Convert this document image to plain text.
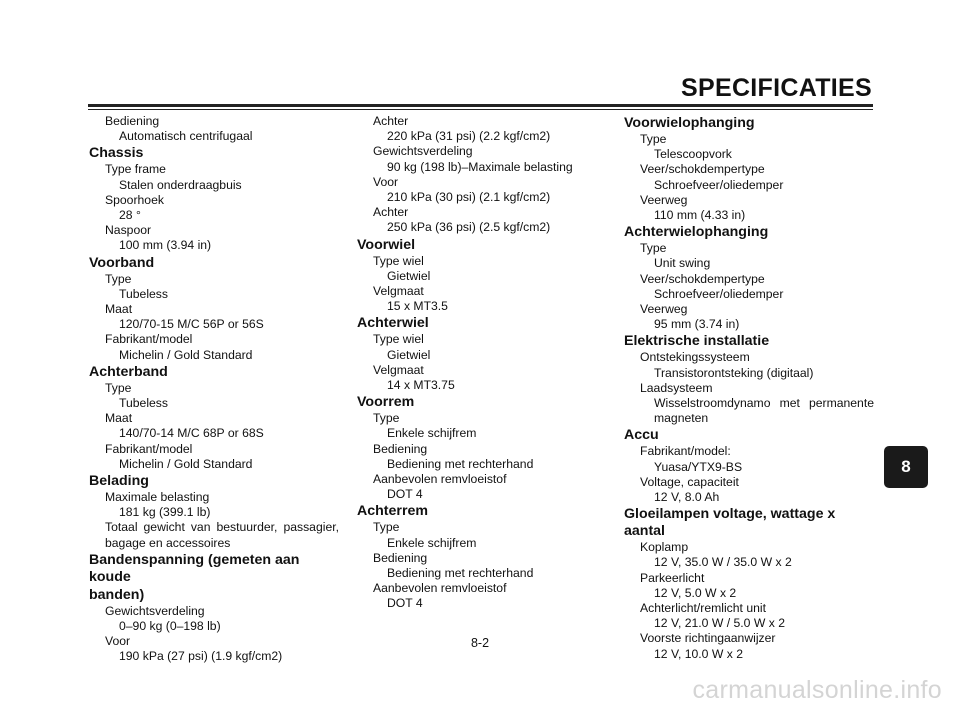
SPECIFICATIES
Bediening
Automatisch centrifugaal
Chassis
Type frame
Stalen onderdraagbuis
Spoorhoek
28 °
Naspoor
100 mm (3.94 in)
Voorband
Type
Tubeless
Maat
120/70-15 M/C 56P or 56S
Fabrikant/model
Michelin / Gold Standard
Achterband
Type
Tubeless
Maat
140/70-14 M/C 68P or 68S
Fabrikant/model
Michelin / Gold Standard
Belading
Maximale belasting
181 kg (399.1 lb)
Totaal gewicht van bestuurder, passagier,
bagage en accessoires
Bandenspanning (gemeten aan koude
banden)
Gewichtsverdeling
0–90 kg (0–198 lb)
Voor
190 kPa (27 psi) (1.9 kgf/cm2)
Achter
220 kPa (31 psi) (2.2 kgf/cm2)
Gewichtsverdeling
90 kg (198 lb)–Maximale belasting
Voor
210 kPa (30 psi) (2.1 kgf/cm2)
Achter
250 kPa (36 psi) (2.5 kgf/cm2)
Voorwiel
Type wiel
Gietwiel
Velgmaat
15 x MT3.5
Achterwiel
Type wiel
Gietwiel
Velgmaat
14 x MT3.75
Voorrem
Type
Enkele schijfrem
Bediening
Bediening met rechterhand
Aanbevolen remvloeistof
DOT 4
Achterrem
Type
Enkele schijfrem
Bediening
Bediening met rechterhand
Aanbevolen remvloeistof
DOT 4
Voorwielophanging
Type
Telescoopvork
Veer/schokdempertype
Schroefveer/oliedemper
Veerweg
110 mm (4.33 in)
Achterwielophanging
Type
Unit swing
Veer/schokdempertype
Schroefveer/oliedemper
Veerweg
95 mm (3.74 in)
Elektrische installatie
Ontstekingssysteem
Transistorontsteking (digitaal)
Laadsysteem
Wisselstroomdynamo met permanente
magneten
Accu
Fabrikant/model:
Yuasa/YTX9-BS
Voltage, capaciteit
12 V, 8.0 Ah
Gloeilampen voltage, wattage x aantal
Koplamp
12 V, 35.0 W / 35.0 W x 2
Parkeerlicht
12 V, 5.0 W x 2
Achterlicht/remlicht unit
12 V, 21.0 W / 5.0 W x 2
Voorste richtingaanwijzer
12 V, 10.0 W x 2
8
8-2
carmanualsonline.info
